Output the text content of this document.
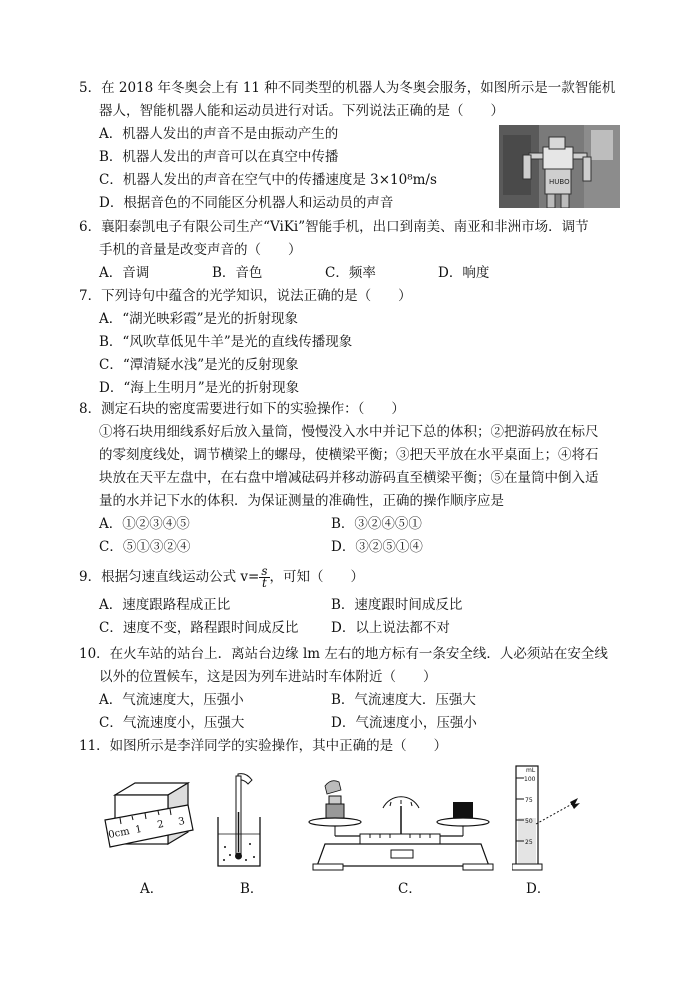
5．在 2018 年冬奥会上有 11 种不同类型的机器人为冬奥会服务，如图所示是一款智能机

器人，智能机器人能和运动员进行对话。下列说法正确的是（　　）

A．机器人发出的声音不是由振动产生的
B．机器人发出的声音可以在真空中传播
C．机器人发出的声音在空气中的传播速度是 3×10⁸m/s
D．根据音色的不同能区分机器人和运动员的声音
HUBO

6．襄阳泰凯电子有限公司生产“ViKi”智能手机，出口到南美、南亚和非洲市场．调节

手机的音量是改变声音的（　　）

A．音调	B．音色	C．频率	D．响度

7．下列诗句中蕴含的光学知识，说法正确的是（　　）

A．“湖光映彩霞”是光的折射现象
B．“风吹草低见牛羊”是光的直线传播现象
C．“潭清疑水浅”是光的反射现象
D．“海上生明月”是光的折射现象

8．测定石块的密度需要进行如下的实验操作：（　　）

①将石块用细线系好后放入量筒，慢慢没入水中并记下总的体积；②把游码放在标尺

的零刻度线处，调节横梁上的螺母，使横梁平衡；③把天平放在水平桌面上；④将石

块放在天平左盘中，在右盘中增减砝码并移动游码直至横梁平衡；⑤在量筒中倒入适

量的水并记下水的体积．为保证测量的准确性，正确的操作顺序应是

A．①②③④⑤	B．③②④⑤①
C．⑤①③②④	D．③②⑤①④

9．根据匀速直线运动公式 $v= \frac{s}{t}$ ，可知（　　）

A．速度跟路程成正比	B．速度跟时间成反比
C．速度不变，路程跟时间成反比	D．以上说法都不对

10．在火车站的站台上．离站台边缘 lm 左右的地方标有一条安全线．人必须站在安全线

以外的位置候车，这是因为列车进站时车体附近（　　）

A．气流速度大，压强小	B．气流速度大．压强大
C．气流速度小，压强大	D．气流速度小，压强小

11．如图所示是李洋同学的实验操作，其中正确的是（　　）

0cm 1 2 3
mL
100
75
50
25
A．	B．	C．	D．
